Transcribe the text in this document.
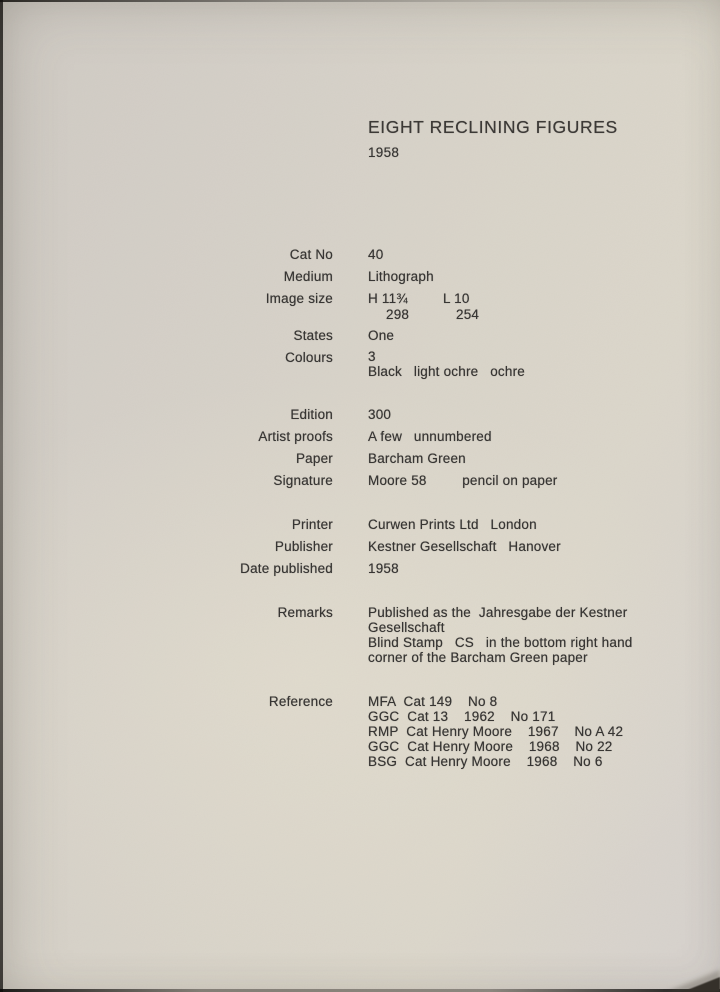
EIGHT RECLINING FIGURES
1958
Cat No	40
Medium	Lithograph
Image size	H 11¾	L 10
298	254
States	One
Colours	3
Black   light ochre   ochre
Edition	300
Artist proofs	A few   unnumbered
Paper	Barcham Green
Signature	Moore 58         pencil on paper
Printer	Curwen Prints Ltd   London
Publisher	Kestner Gesellschaft   Hanover
Date published	1958
Remarks	Published as the  Jahresgabe der Kestner
Gesellschaft
Blind Stamp   CS   in the bottom right hand
corner of the Barcham Green paper
Reference	MFA  Cat 149    No 8
GGC  Cat 13    1962    No 171
RMP  Cat Henry Moore    1967    No A 42
GGC  Cat Henry Moore    1968    No 22
BSG  Cat Henry Moore    1968    No 6
